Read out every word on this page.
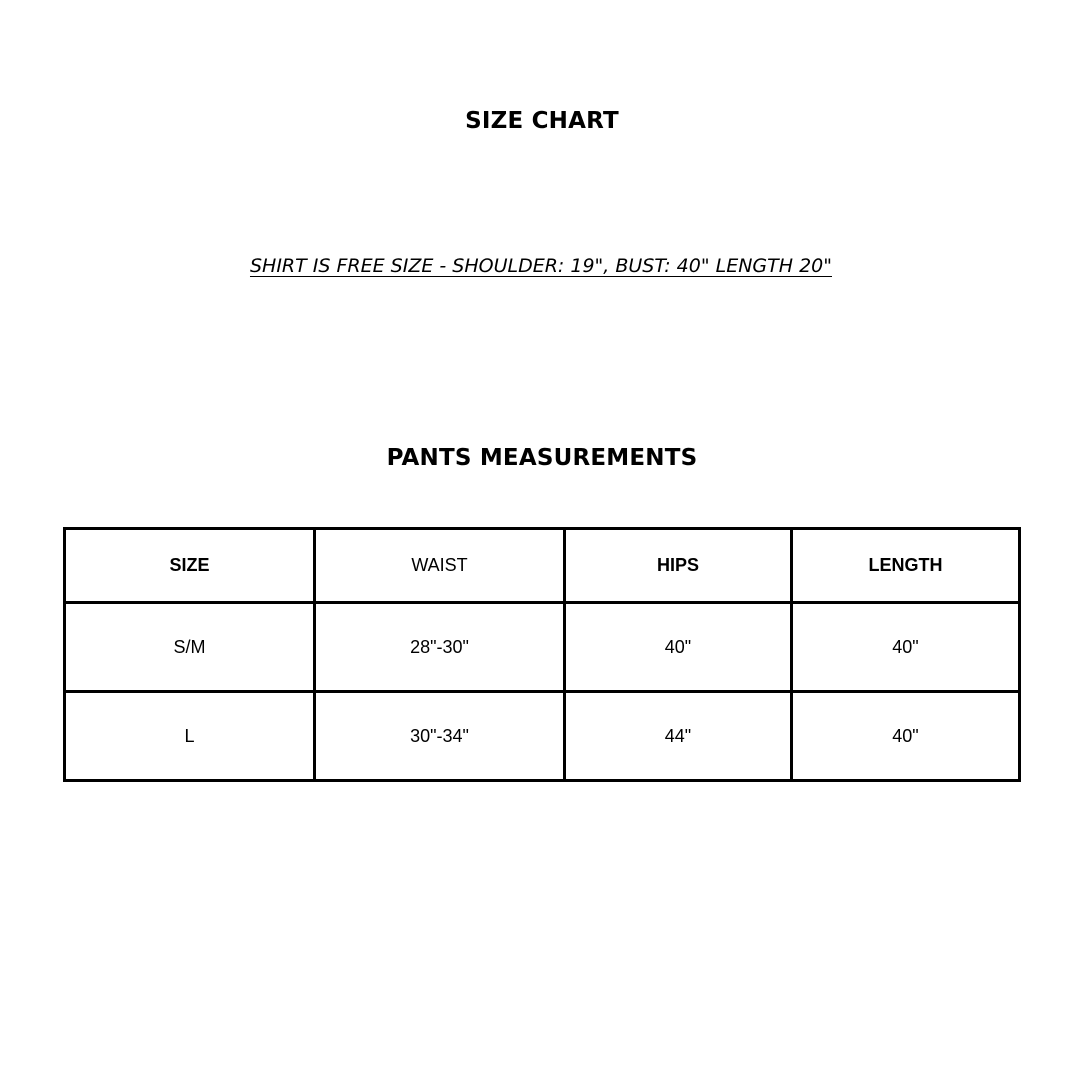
SIZE CHART

SHIRT IS FREE SIZE - SHOULDER: 19", BUST: 40" LENGTH 20"

PANTS MEASUREMENTS
SIZE	WAIST	HIPS	LENGTH
S/M	28"-30"	40"	40"
L	30"-34"	44"	40"
